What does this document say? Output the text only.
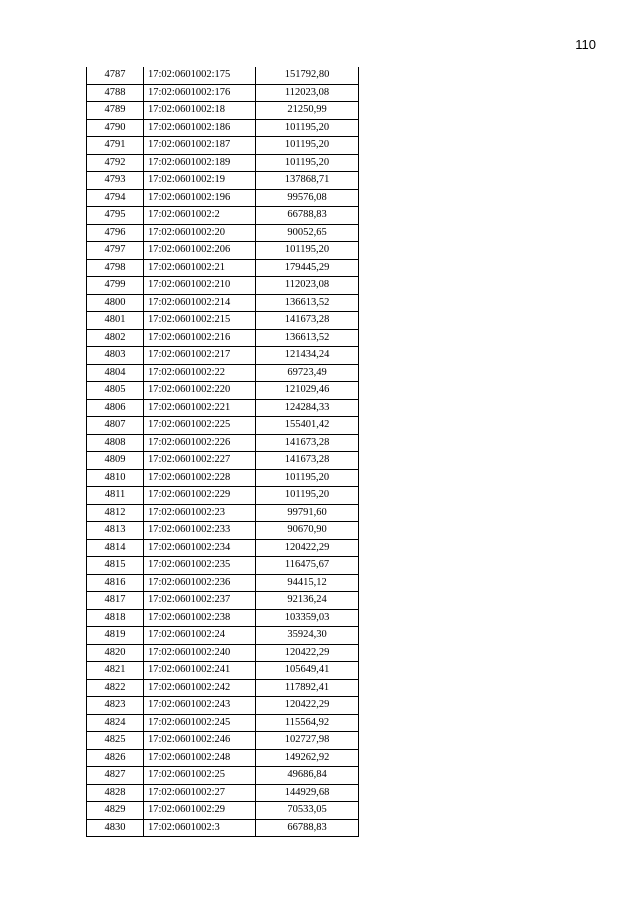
110
4787	17:02:0601002:175	151792,80
4788	17:02:0601002:176	112023,08
4789	17:02:0601002:18	21250,99
4790	17:02:0601002:186	101195,20
4791	17:02:0601002:187	101195,20
4792	17:02:0601002:189	101195,20
4793	17:02:0601002:19	137868,71
4794	17:02:0601002:196	99576,08
4795	17:02:0601002:2	66788,83
4796	17:02:0601002:20	90052,65
4797	17:02:0601002:206	101195,20
4798	17:02:0601002:21	179445,29
4799	17:02:0601002:210	112023,08
4800	17:02:0601002:214	136613,52
4801	17:02:0601002:215	141673,28
4802	17:02:0601002:216	136613,52
4803	17:02:0601002:217	121434,24
4804	17:02:0601002:22	69723,49
4805	17:02:0601002:220	121029,46
4806	17:02:0601002:221	124284,33
4807	17:02:0601002:225	155401,42
4808	17:02:0601002:226	141673,28
4809	17:02:0601002:227	141673,28
4810	17:02:0601002:228	101195,20
4811	17:02:0601002:229	101195,20
4812	17:02:0601002:23	99791,60
4813	17:02:0601002:233	90670,90
4814	17:02:0601002:234	120422,29
4815	17:02:0601002:235	116475,67
4816	17:02:0601002:236	94415,12
4817	17:02:0601002:237	92136,24
4818	17:02:0601002:238	103359,03
4819	17:02:0601002:24	35924,30
4820	17:02:0601002:240	120422,29
4821	17:02:0601002:241	105649,41
4822	17:02:0601002:242	117892,41
4823	17:02:0601002:243	120422,29
4824	17:02:0601002:245	115564,92
4825	17:02:0601002:246	102727,98
4826	17:02:0601002:248	149262,92
4827	17:02:0601002:25	49686,84
4828	17:02:0601002:27	144929,68
4829	17:02:0601002:29	70533,05
4830	17:02:0601002:3	66788,83
